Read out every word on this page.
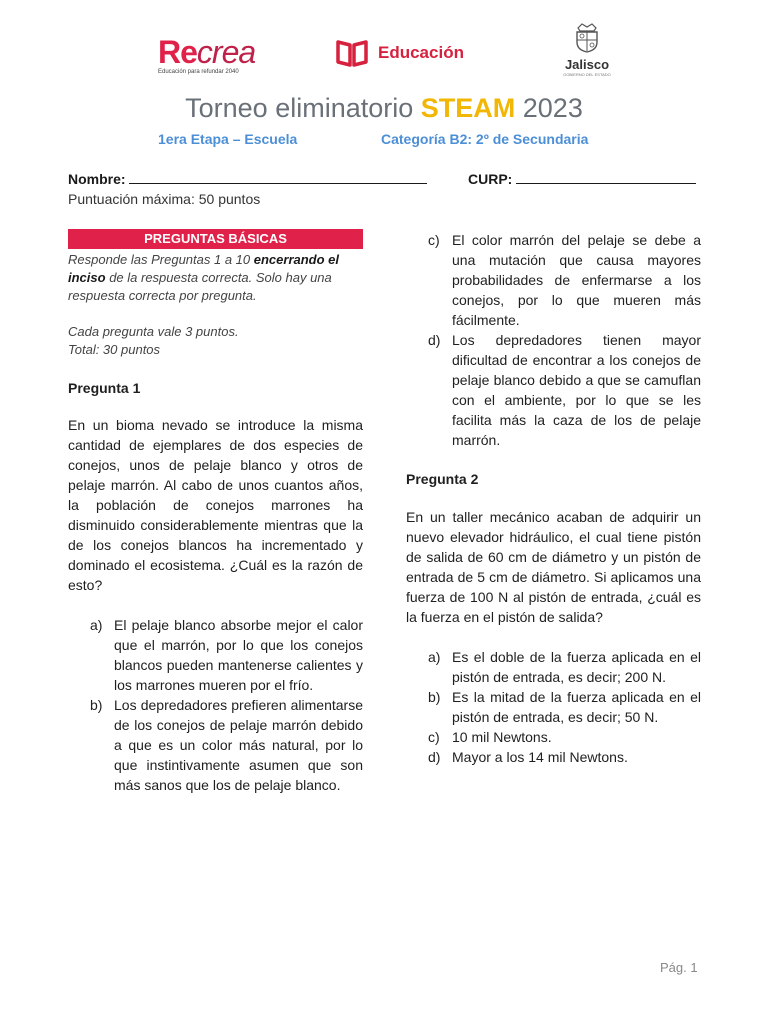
Recrea
Educación para refundar 2040
Educación
Jalisco
GOBIERNO DEL ESTADO
Torneo eliminatorio STEAM 2023
1era Etapa – Escuela	Categoría B2: 2º de Secundaria
Nombre:	CURP:
Puntuación máxima: 50 puntos
PREGUNTAS BÁSICAS

Responde las Preguntas 1 a 10 encerrando el inciso de la respuesta correcta. Solo hay una respuesta correcta por pregunta.

Cada pregunta vale 3 puntos.

Total: 30 puntos

Pregunta 1

En un bioma nevado se introduce la misma cantidad de ejemplares de dos especies de conejos, unos de pelaje blanco y otros de pelaje marrón. Al cabo de unos cuantos años, la población de conejos marrones ha disminuido considerablemente mientras que la de los conejos blancos ha incrementado y dominado el ecosistema. ¿Cuál es la razón de esto?

a) El pelaje blanco absorbe mejor el calor que el marrón, por lo que los conejos blancos pueden mantenerse calientes y los marrones mueren por el frío.
b) Los depredadores prefieren alimentarse de los conejos de pelaje marrón debido a que es un color más natural, por lo que instintivamente asumen que son más sanos que los de pelaje blanco.
c) El color marrón del pelaje se debe a una mutación que causa mayores probabilidades de enfermarse a los conejos, por lo que mueren más fácilmente.
d) Los depredadores tienen mayor dificultad de encontrar a los conejos de pelaje blanco debido a que se camuflan con el ambiente, por lo que se les facilita más la caza de los de pelaje marrón.

Pregunta 2

En un taller mecánico acaban de adquirir un nuevo elevador hidráulico, el cual tiene pistón de salida de 60 cm de diámetro y un pistón de entrada de 5 cm de diámetro. Si aplicamos una fuerza de 100 N al pistón de entrada, ¿cuál es la fuerza en el pistón de salida?

a) Es el doble de la fuerza aplicada en el pistón de entrada, es decir; 200 N.
b) Es la mitad de la fuerza aplicada en el pistón de entrada, es decir; 50 N.
c) 10 mil Newtons.
d) Mayor a los 14 mil Newtons.
Pág. 1
